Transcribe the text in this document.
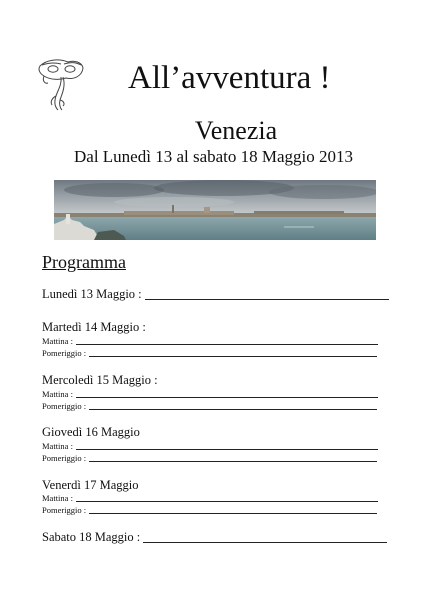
All’avventura !
Venezia
Dal Lunedì 13 al sabato 18 Maggio 2013
Programma
Lunedì 13 Maggio :
Martedì 14 Maggio :
Mattina :
Pomeriggio :
Mercoledì 15 Maggio :
Mattina :
Pomeriggio :
Giovedì 16 Maggio
Mattina :
Pomeriggio :
Venerdì 17 Maggio
Mattina :
Pomeriggio :
Sabato 18 Maggio :
